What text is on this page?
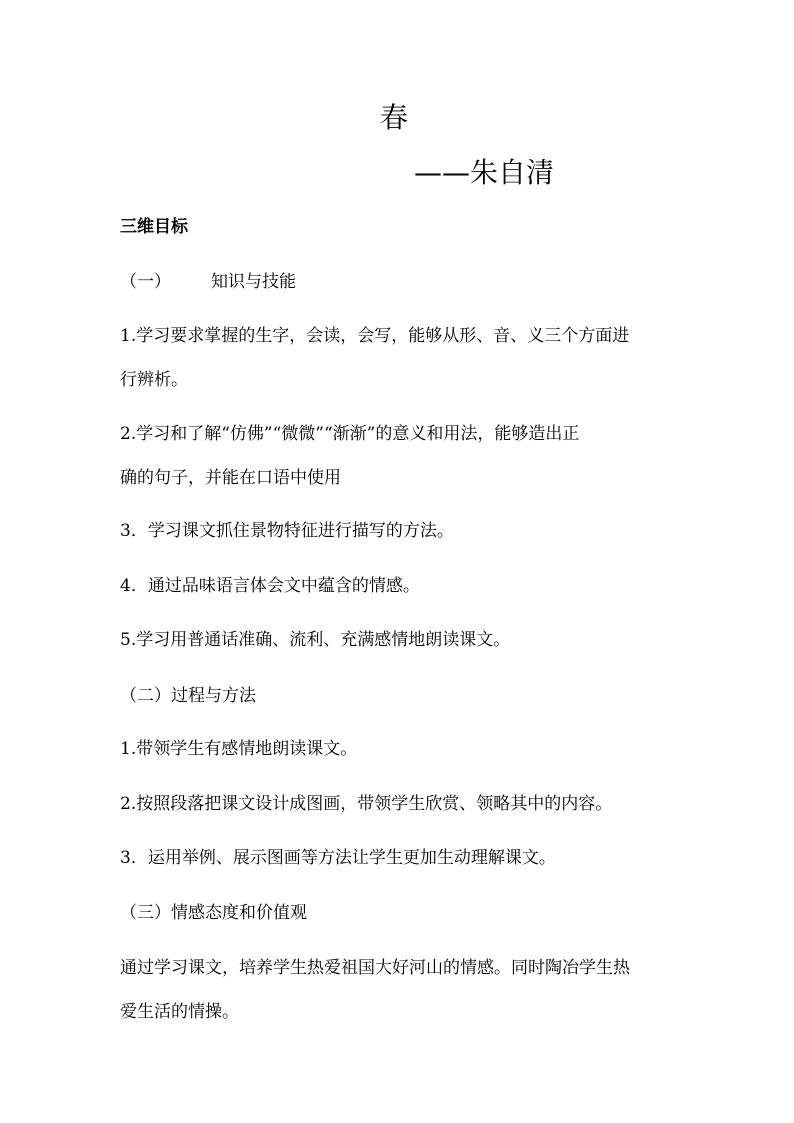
春
——朱自清

三维目标

（一） 知识与技能

1.学习要求掌握的生字，会读，会写，能够从形、音、义三个方面进

行辨析。

2.学习和了解“仿佛”“微微”“渐渐”的意义和用法，能够造出正

确的句子，并能在口语中使用

3．学习课文抓住景物特征进行描写的方法。

4．通过品味语言体会文中蕴含的情感。

5.学习用普通话准确、流利、充满感情地朗读课文。

（二）过程与方法

1.带领学生有感情地朗读课文。

2.按照段落把课文设计成图画，带领学生欣赏、领略其中的内容。

3．运用举例、展示图画等方法让学生更加生动理解课文。

（三）情感态度和价值观

通过学习课文，培养学生热爱祖国大好河山的情感。同时陶冶学生热

爱生活的情操。
